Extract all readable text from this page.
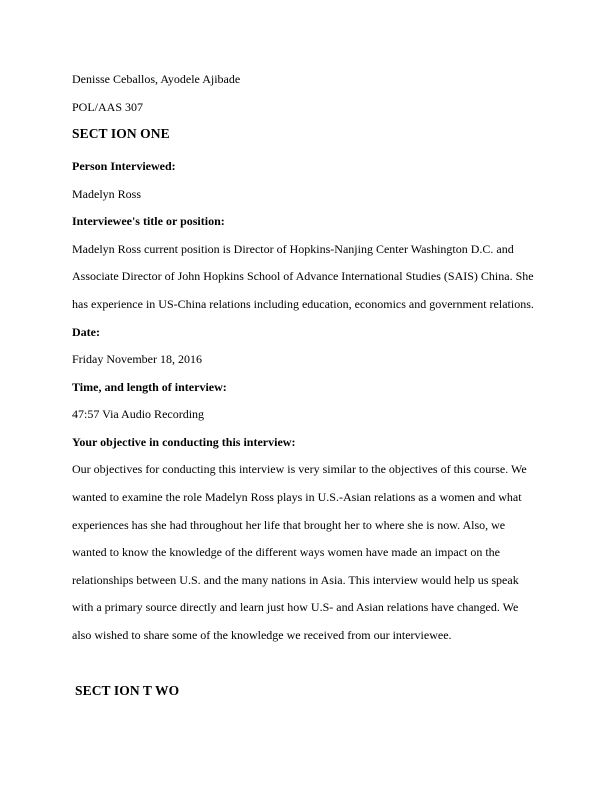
Denisse Ceballos, Ayodele Ajibade
POL/AAS 307
SECT ION ONE
Person Interviewed:
Madelyn Ross
Interviewee's title or position:
Madelyn Ross current position is Director of Hopkins-Nanjing Center Washington D.C. and
Associate Director of John Hopkins School of Advance International Studies (SAIS) China. She
has experience in US-China relations including education, economics and government relations.
Date:
Friday November 18, 2016
Time, and length of interview:
47:57 Via Audio Recording
Your objective in conducting this interview:
Our objectives for conducting this interview is very similar to the objectives of this course. We
wanted to examine the role Madelyn Ross plays in U.S.-Asian relations as a women and what
experiences has she had throughout her life that brought her to where she is now. Also, we
wanted to know the knowledge of the different ways women have made an impact on the
relationships between U.S. and the many nations in Asia. This interview would help us speak
with a primary source directly and learn just how U.S- and Asian relations have changed. We
also wished to share some of the knowledge we received from our interviewee.
SECT ION T WO
